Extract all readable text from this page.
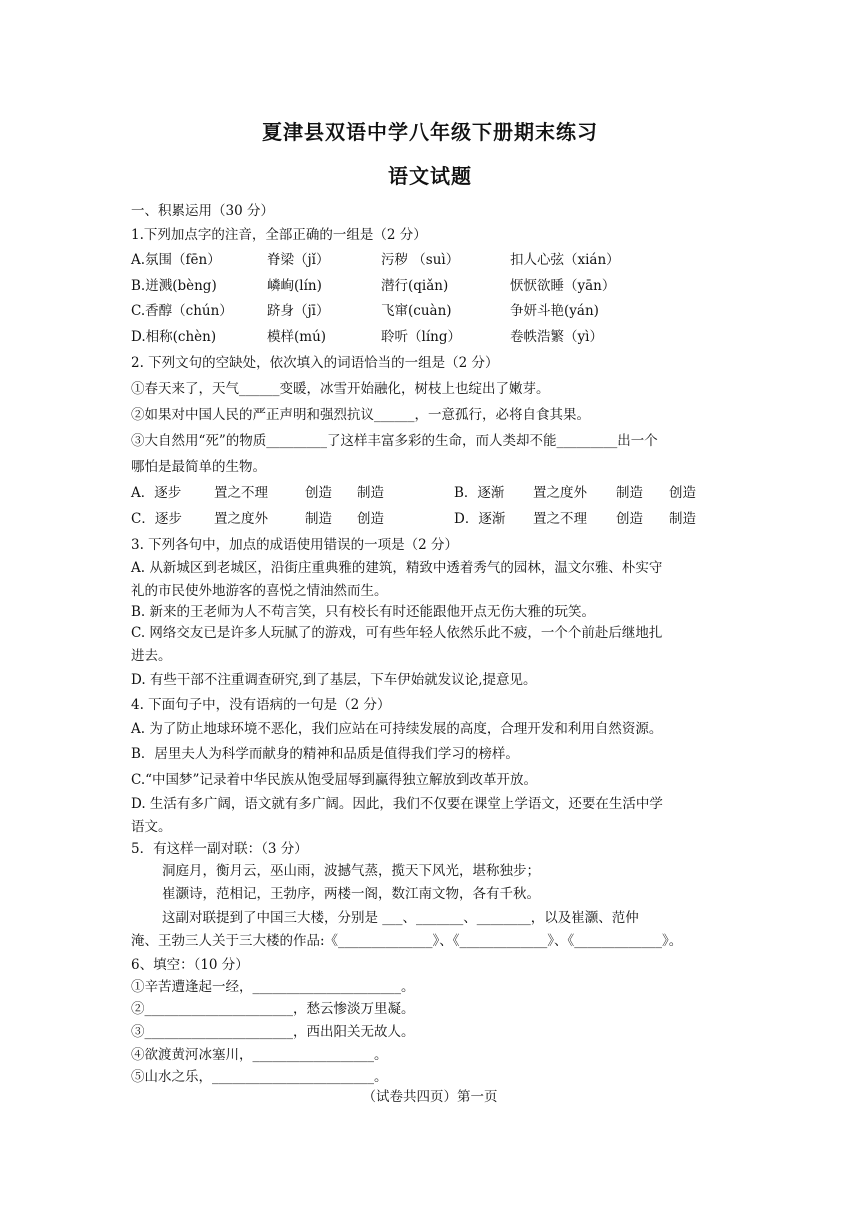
夏津县双语中学八年级下册期末练习
语文试题
一、积累运用（30 分）
1.下列加点字的注音，全部正确的一组是（2 分）
A.氛围（fēn）	脊梁（jǐ）	污秽 （suì）	扣人心弦（xián）
B.迸溅(bèng)	嶙峋(lín)	潜行(qiǎn)	恹恹欲睡（yān）
C.香醇（chún）	跻身（jī）	飞窜(cuàn)	争妍斗艳(yán)
D.相称(chèn)	模样(mú)	聆听（líng）	卷帙浩繁（yì）
2. 下列文句的空缺处，依次填入的词语恰当的一组是（2 分）
①春天来了，天气______变暖，冰雪开始融化，树枝上也绽出了嫩芽。
②如果对中国人民的严正声明和强烈抗议______，一意孤行，必将自食其果。
③大自然用“死”的物质_________了这样丰富多彩的生命，而人类却不能_________出一个
哪怕是最简单的生物。
A．逐步 置之不理	创造 制造	B．逐渐 置之度外 制造 创造
C．逐步 置之度外	制造 创造	D．逐渐 置之不理 创造 制造
3. 下列各句中，加点的成语使用错误的一项是（2 分）
A. 从新城区到老城区，沿街庄重典雅的建筑，精致中透着秀气的园林，温文尔雅、朴实守
礼的市民使外地游客的喜悦之情油然而生。
B. 新来的王老师为人不苟言笑，只有校长有时还能跟他开点无伤大雅的玩笑。
C. 网络交友已是许多人玩腻了的游戏，可有些年轻人依然乐此不疲，一个个前赴后继地扎
进去。
D. 有些干部不注重调查研究,到了基层，下车伊始就发议论,提意见。
4. 下面句子中，没有语病的一句是（2 分）
A. 为了防止地球环境不恶化，我们应站在可持续发展的高度，合理开发和利用自然资源。
B．居里夫人为科学而献身的精神和品质是值得我们学习的榜样。
C.“中国梦”记录着中华民族从饱受屈辱到赢得独立解放到改革开放。
D. 生活有多广阔，语文就有多广阔。因此，我们不仅要在课堂上学语文，还要在生活中学
语文。
5．有这样一副对联：（3 分）
洞庭月，衡月云，巫山雨，波撼气蒸，揽天下风光，堪称独步；
崔灏诗，范相记，王勃序，两楼一阁，数江南文物，各有千秋。
这副对联提到了中国三大楼，分别是 ___、_______、________，以及崔灏、范仲
淹、王勃三人关于三大楼的作品:《______________》、《_____________》、《_____________》。
6、填空：（10 分）
①辛苦遭逢起一经，______________________。
②______________________，愁云惨淡万里凝。
③______________________，西出阳关无故人。
④欲渡黄河冰塞川，__________________。
⑤山水之乐，________________________。
（试卷共四页）第一页
